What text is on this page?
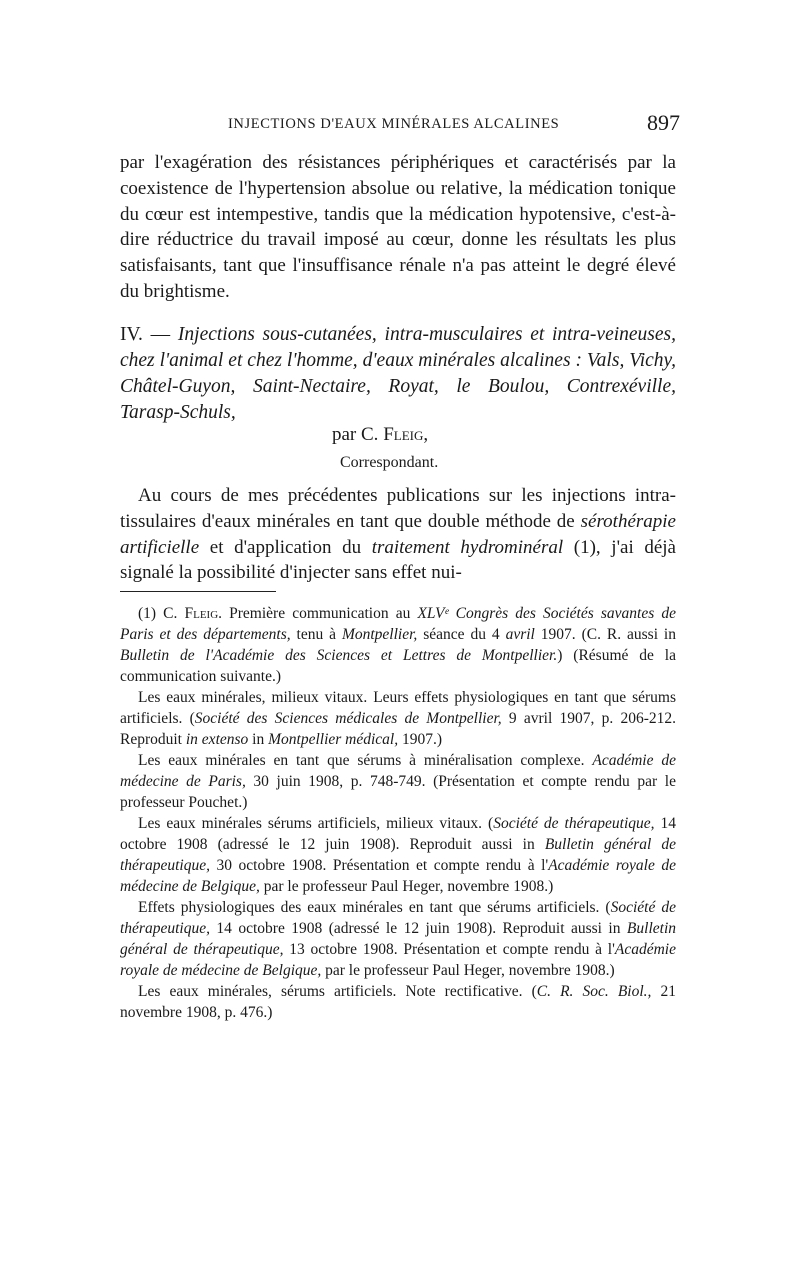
INJECTIONS D'EAUX MINÉRALES ALCALINES	897
par l'exagération des résistances périphériques et caractérisés par la coexistence de l'hypertension absolue ou relative, la médication tonique du cœur est intempestive, tandis que la médication hypotensive, c'est-à-dire réductrice du travail imposé au cœur, donne les résultats les plus satisfaisants, tant que l'insuffisance rénale n'a pas atteint le degré élevé du brightisme.
IV. — Injections sous-cutanées, intra-musculaires et intra-veineuses, chez l'animal et chez l'homme, d'eaux minérales alcalines : Vals, Vichy, Châtel-Guyon, Saint-Nectaire, Royat, le Boulou, Contrexéville, Tarasp-Schuls,
par C. Fleig,
Correspondant.
Au cours de mes précédentes publications sur les injections intra-tissulaires d'eaux minérales en tant que double méthode de sérothérapie artificielle et d'application du traitement hydrominéral (1), j'ai déjà signalé la possibilité d'injecter sans effet nui-

(1) C. Fleig. Première communication au XLVᵉ Congrès des Sociétés savantes de Paris et des départements, tenu à Montpellier, séance du 4 avril 1907. (C. R. aussi in Bulletin de l'Académie des Sciences et Lettres de Montpellier.) (Résumé de la communication suivante.)

Les eaux minérales, milieux vitaux. Leurs effets physiologiques en tant que sérums artificiels. (Société des Sciences médicales de Montpellier, 9 avril 1907, p. 206-212. Reproduit in extenso in Montpellier médical, 1907.)

Les eaux minérales en tant que sérums à minéralisation complexe. Académie de médecine de Paris, 30 juin 1908, p. 748-749. (Présentation et compte rendu par le professeur Pouchet.)

Les eaux minérales sérums artificiels, milieux vitaux. (Société de thérapeutique, 14 octobre 1908 (adressé le 12 juin 1908). Reproduit aussi in Bulletin général de thérapeutique, 30 octobre 1908. Présentation et compte rendu à l'Académie royale de médecine de Belgique, par le professeur Paul Heger, novembre 1908.)

Effets physiologiques des eaux minérales en tant que sérums artificiels. (Société de thérapeutique, 14 octobre 1908 (adressé le 12 juin 1908). Reproduit aussi in Bulletin général de thérapeutique, 13 octobre 1908. Présentation et compte rendu à l'Académie royale de médecine de Belgique, par le professeur Paul Heger, novembre 1908.)

Les eaux minérales, sérums artificiels. Note rectificative. (C. R. Soc. Biol., 21 novembre 1908, p. 476.)
